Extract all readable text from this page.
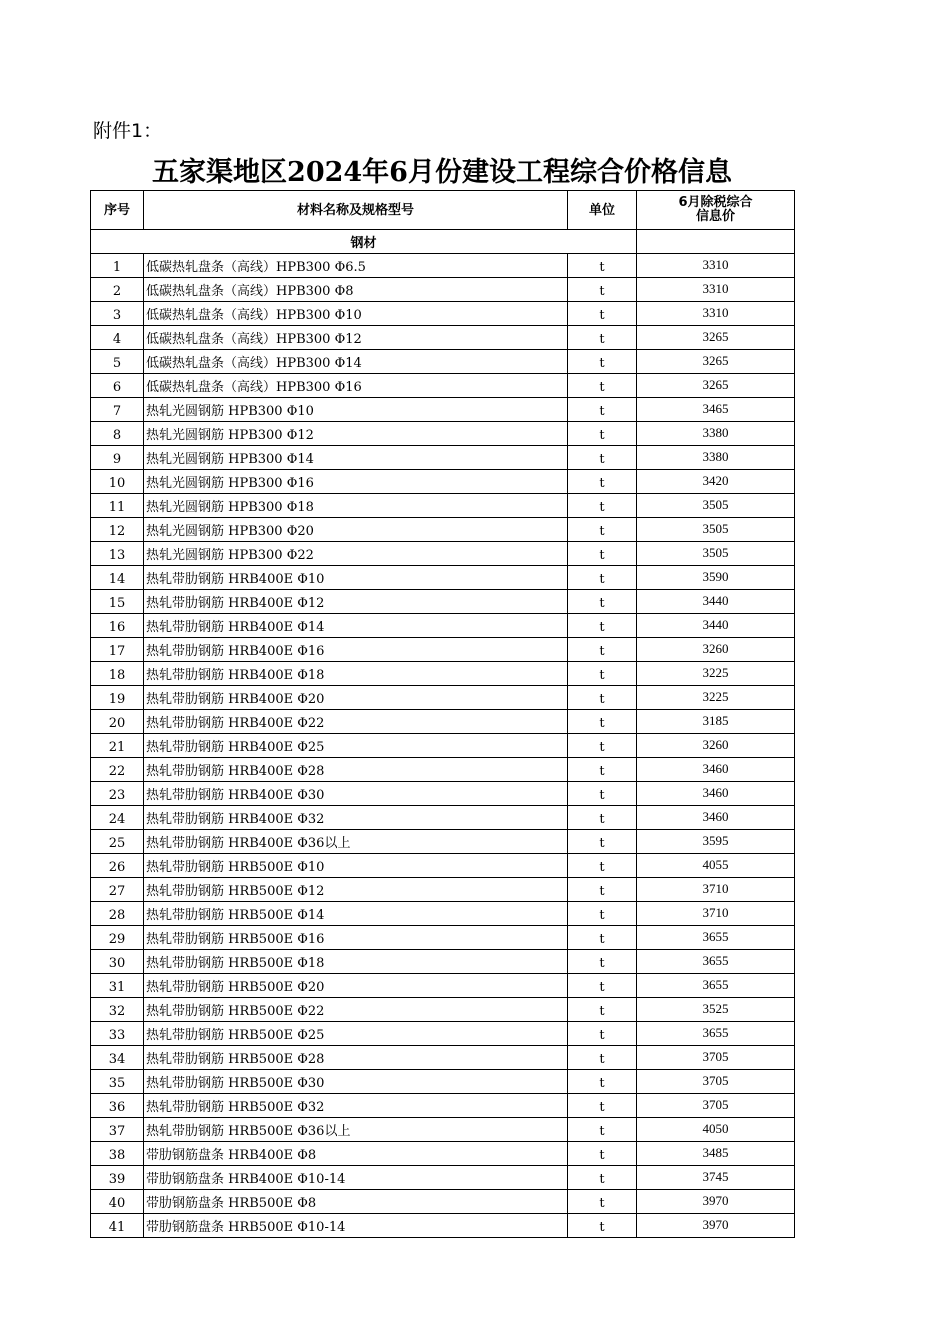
附件1：
五家渠地区2024年6月份建设工程综合价格信息
序号	材料名称及规格型号	单位	6月除税综合
信息价

钢材			
1	低碳热轧盘条（高线）HPB300 Φ6.5	t	3310
2	低碳热轧盘条（高线）HPB300 Φ8	t	3310
3	低碳热轧盘条（高线）HPB300 Φ10	t	3310
4	低碳热轧盘条（高线）HPB300 Φ12	t	3265
5	低碳热轧盘条（高线）HPB300 Φ14	t	3265
6	低碳热轧盘条（高线）HPB300 Φ16	t	3265
7	热轧光圆钢筋 HPB300 Φ10	t	3465
8	热轧光圆钢筋 HPB300 Φ12	t	3380
9	热轧光圆钢筋 HPB300 Φ14	t	3380
10	热轧光圆钢筋 HPB300 Φ16	t	3420
11	热轧光圆钢筋 HPB300 Φ18	t	3505
12	热轧光圆钢筋 HPB300 Φ20	t	3505
13	热轧光圆钢筋 HPB300 Φ22	t	3505
14	热轧带肋钢筋 HRB400E Φ10	t	3590
15	热轧带肋钢筋 HRB400E Φ12	t	3440
16	热轧带肋钢筋 HRB400E Φ14	t	3440
17	热轧带肋钢筋 HRB400E Φ16	t	3260
18	热轧带肋钢筋 HRB400E Φ18	t	3225
19	热轧带肋钢筋 HRB400E Φ20	t	3225
20	热轧带肋钢筋 HRB400E Φ22	t	3185
21	热轧带肋钢筋 HRB400E Φ25	t	3260
22	热轧带肋钢筋 HRB400E Φ28	t	3460
23	热轧带肋钢筋 HRB400E Φ30	t	3460
24	热轧带肋钢筋 HRB400E Φ32	t	3460
25	热轧带肋钢筋 HRB400E Φ36以上	t	3595
26	热轧带肋钢筋 HRB500E Φ10	t	4055
27	热轧带肋钢筋 HRB500E Φ12	t	3710
28	热轧带肋钢筋 HRB500E Φ14	t	3710
29	热轧带肋钢筋 HRB500E Φ16	t	3655
30	热轧带肋钢筋 HRB500E Φ18	t	3655
31	热轧带肋钢筋 HRB500E Φ20	t	3655
32	热轧带肋钢筋 HRB500E Φ22	t	3525
33	热轧带肋钢筋 HRB500E Φ25	t	3655
34	热轧带肋钢筋 HRB500E Φ28	t	3705
35	热轧带肋钢筋 HRB500E Φ30	t	3705
36	热轧带肋钢筋 HRB500E Φ32	t	3705
37	热轧带肋钢筋 HRB500E Φ36以上	t	4050
38	带肋钢筋盘条 HRB400E Φ8	t	3485
39	带肋钢筋盘条 HRB400E Φ10-14	t	3745
40	带肋钢筋盘条 HRB500E Φ8	t	3970
41	带肋钢筋盘条 HRB500E Φ10-14	t	3970
